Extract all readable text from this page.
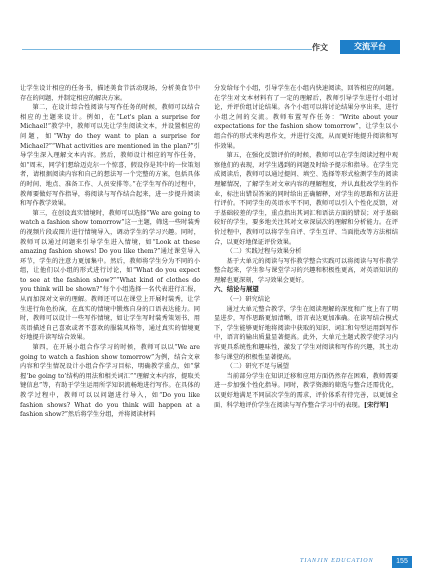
作文	交流平台

让学生设计相应的任务书，描述美食节活动现场，分析美食节中存在的问题，并制定相应的解决方案。

第二，在设计综合性阅读与写作任务的时候，教师可以结合相应的主题来设计。例如，在“Let's plan a surprise for Michael!”教学中，教师可以先让学生阅读文本，并设置相应的问题，如“Why do they want to plan a surprise for Michael?”“What activities are mentioned in the plan?”引导学生深入理解文本内容。然后，教师设计相应的写作任务，如“周末，同学们想给迈克尔一个惊喜，假设你是其中的一位策划者，请根据阅读内容和自己的想法写一个完整的方案，包括具体的时间、地点、准备工作、人员安排等。”在学生写作的过程中，教师要做好写作指导，将阅读与写作结合起来，进一步提升阅读和写作教学效果。

第三，在创设真实情境时，教师可以选择“We are going to watch a fashion show tomorrow”这一主题，筛选一些时装秀的视频片段或图片进行情境导入，调动学生的学习兴趣。同时，教师可以通过问题来引导学生进入情境，如“Look at these amazing fashion shows! Do you like them?”通过课堂导入环节，学生的注意力更加集中。然后，教师将学生分为不同的小组，让他们以小组的形式进行讨论，如“What do you expect to see at the fashion show?”“What kind of clothes do you think will be shown?”每个小组选择一名代表进行汇报，从而加深对文章的理解。教师还可以在课堂上开展时装秀，让学生进行角色扮演，在真实的情境中锻炼自身的口语表达能力。同时，教师可以设计一些写作情境，如让学生写时装秀策划书、用英语描述自己喜欢或者不喜欢的服装风格等，通过真实的情境更好地提升读写结合效果。

第四，在开展小组合作学习的时候，教师可以以“We are going to watch a fashion show tomorrow”为例，结合文章内容和学生情况设计小组合作学习目标，明确教学重点，如“掌握‘be going to’结构的用法和相关词汇”“理解文本内容，提取关键信息”等，有助于学生运用所学知识流畅地进行写作。在具体的教学过程中，教师可以以问题进行导入，如“Do you like fashion shows? What do you think will happen at a fashion show?”然后将学生分组，并将阅读材料

分发给每个小组，引导学生在小组内快速阅读，回答相应的问题。在学生对文本材料有了一定的理解后，教师引导学生进行小组讨论，并评价组讨论结果。各个小组可以将讨论结果分享出来，进行小组之间的交流。教师布置写作任务：“Write about your expectations for the fashion show tomorrow”，让学生以小组合作的形式来构思作文，并进行交流，从而更好地提升阅读和写作效果。

第五，在强化反馈评价的时候，教师可以在学生阅读过程中观察他们的表现，对学生遇到的问题及时给予提示和指导。在学生完成阅读后，教师可以通过提问、填空、选择等形式检测学生的阅读理解情况，了解学生对文章内容的理解程度，并认真批改学生的作业，标注出错误答案的同时给出正确解释，对学生的思路和方法进行评价。不同学生的英语水平不同，教师可以引入个性化反馈，对于基础较差的学生，重点指出其词汇和语法方面的错误；对于基础较好的学生，要多地关注其对文章深层次的理解和分析能力。在评价过程中，教师可以将学生自评、学生互评、当面批改等方法相结合，以更好地保证评价效果。

（二）实践过程与效果分析

基于大单元的阅读与写作教学整合实践可以将阅读与写作教学整合起来，学生参与课堂学习的兴趣和积极性更高，对英语知识的理解也更深刻，学习效果会更好。

六、结论与展望

（一）研究结论

通过大单元整合教学，学生在阅读理解的深度和广度上有了明显进步，写作思路更加清晰，语言表达更加准确。在读写结合模式下，学生能够更好地将阅读中获取的知识、词汇和句型运用到写作中，语言的输出质量显著提高。此外，大单元主题式教学使学习内容更具系统性和趣味性，激发了学生对阅读和写作的兴趣，其主动参与课堂的积极性显著提高。

（二）研究不足与展望

当前部分学生在知识迁移和应用方面仍然存在困难，教师需要进一步加强个性化指导。同时，教学资源的筛选与整合还需优化，以更好地满足不同层次学生的需求，评价体系有待完善，以更加全面、科学地评价学生在阅读与写作整合学习中的表现。[宋行军]

TIANJIN EDUCATION	155
